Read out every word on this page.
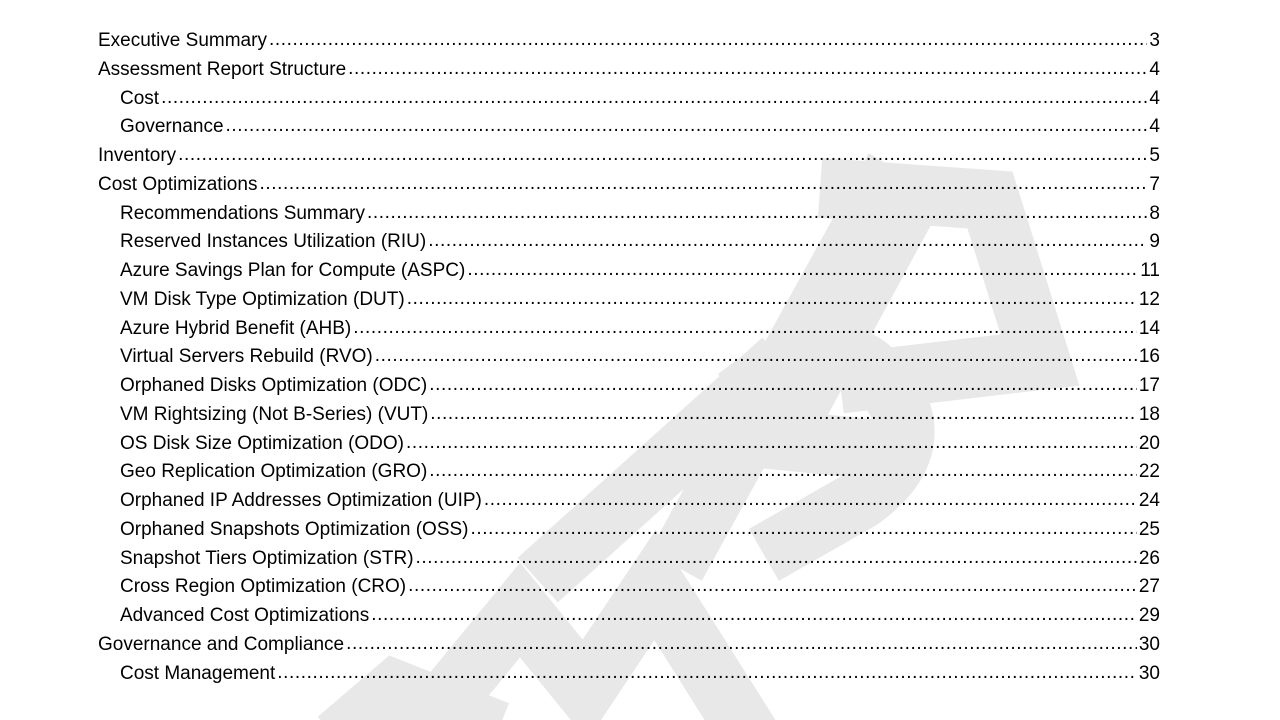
Executive Summary .....	3
Assessment Report Structure .....	4
Cost .....	4
Governance .....	4
Inventory .....	5
Cost Optimizations .....	7
Recommendations Summary .....	8
Reserved Instances Utilization (RIU) .....	9
Azure Savings Plan for Compute (ASPC) .....	11
VM Disk Type Optimization (DUT) .....	12
Azure Hybrid Benefit (AHB) .....	14
Virtual Servers Rebuild (RVO) .....	16
Orphaned Disks Optimization (ODC) .....	17
VM Rightsizing (Not B-Series) (VUT) .....	18
OS Disk Size Optimization (ODO) .....	20
Geo Replication Optimization (GRO) .....	22
Orphaned IP Addresses Optimization (UIP) .....	24
Orphaned Snapshots Optimization (OSS) .....	25
Snapshot Tiers Optimization (STR) .....	26
Cross Region Optimization (CRO) .....	27
Advanced Cost Optimizations .....	29
Governance and Compliance .....	30
Cost Management .....	30
